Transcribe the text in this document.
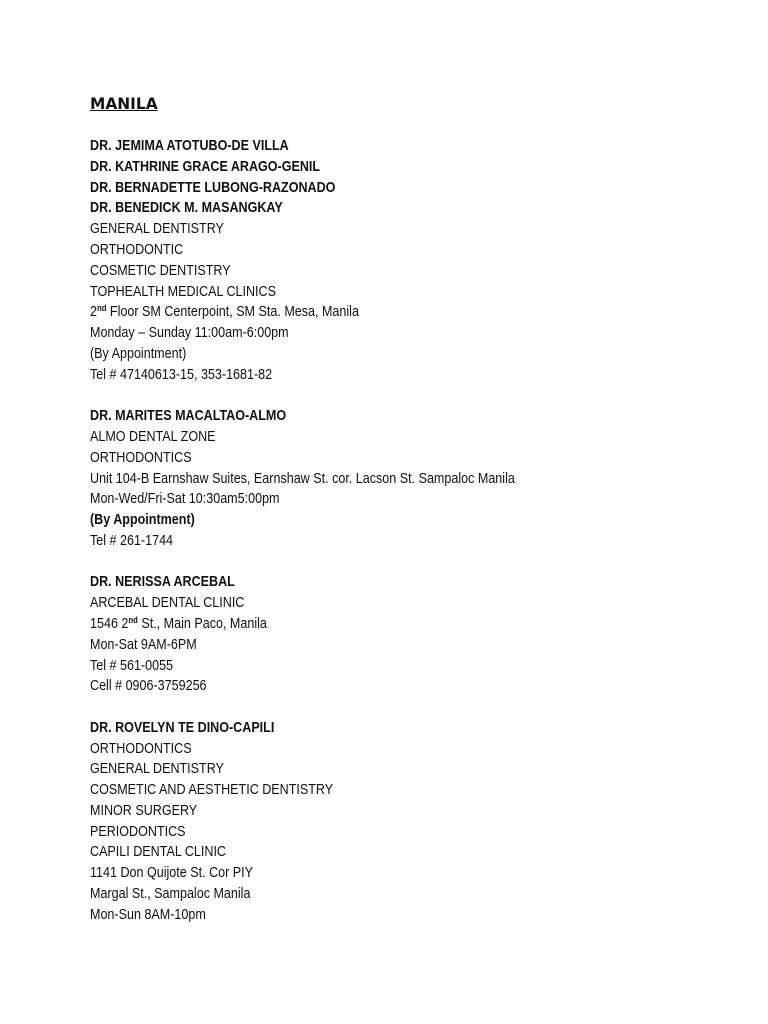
MANILA
DR. JEMIMA ATOTUBO-DE VILLA
DR. KATHRINE GRACE ARAGO-GENIL
DR. BERNADETTE LUBONG-RAZONADO
DR. BENEDICK M. MASANGKAY
GENERAL DENTISTRY
ORTHODONTIC
COSMETIC DENTISTRY
TOPHEALTH MEDICAL CLINICS
2nd Floor SM Centerpoint, SM Sta. Mesa, Manila
Monday – Sunday 11:00am-6:00pm
(By Appointment)
Tel # 47140613-15, 353-1681-82
DR. MARITES MACALTAO-ALMO
ALMO DENTAL ZONE
ORTHODONTICS
Unit 104-B Earnshaw Suites, Earnshaw St. cor. Lacson St. Sampaloc Manila
Mon-Wed/Fri-Sat 10:30am5:00pm
(By Appointment)
Tel # 261-1744
DR. NERISSA ARCEBAL
ARCEBAL DENTAL CLINIC
1546 2nd St., Main Paco, Manila
Mon-Sat 9AM-6PM
Tel # 561-0055
Cell # 0906-3759256
DR. ROVELYN TE DINO-CAPILI
ORTHODONTICS
GENERAL DENTISTRY
COSMETIC AND AESTHETIC DENTISTRY
MINOR SURGERY
PERIODONTICS
CAPILI DENTAL CLINIC
1141 Don Quijote St. Cor PIY
Margal St., Sampaloc Manila
Mon-Sun 8AM-10pm
